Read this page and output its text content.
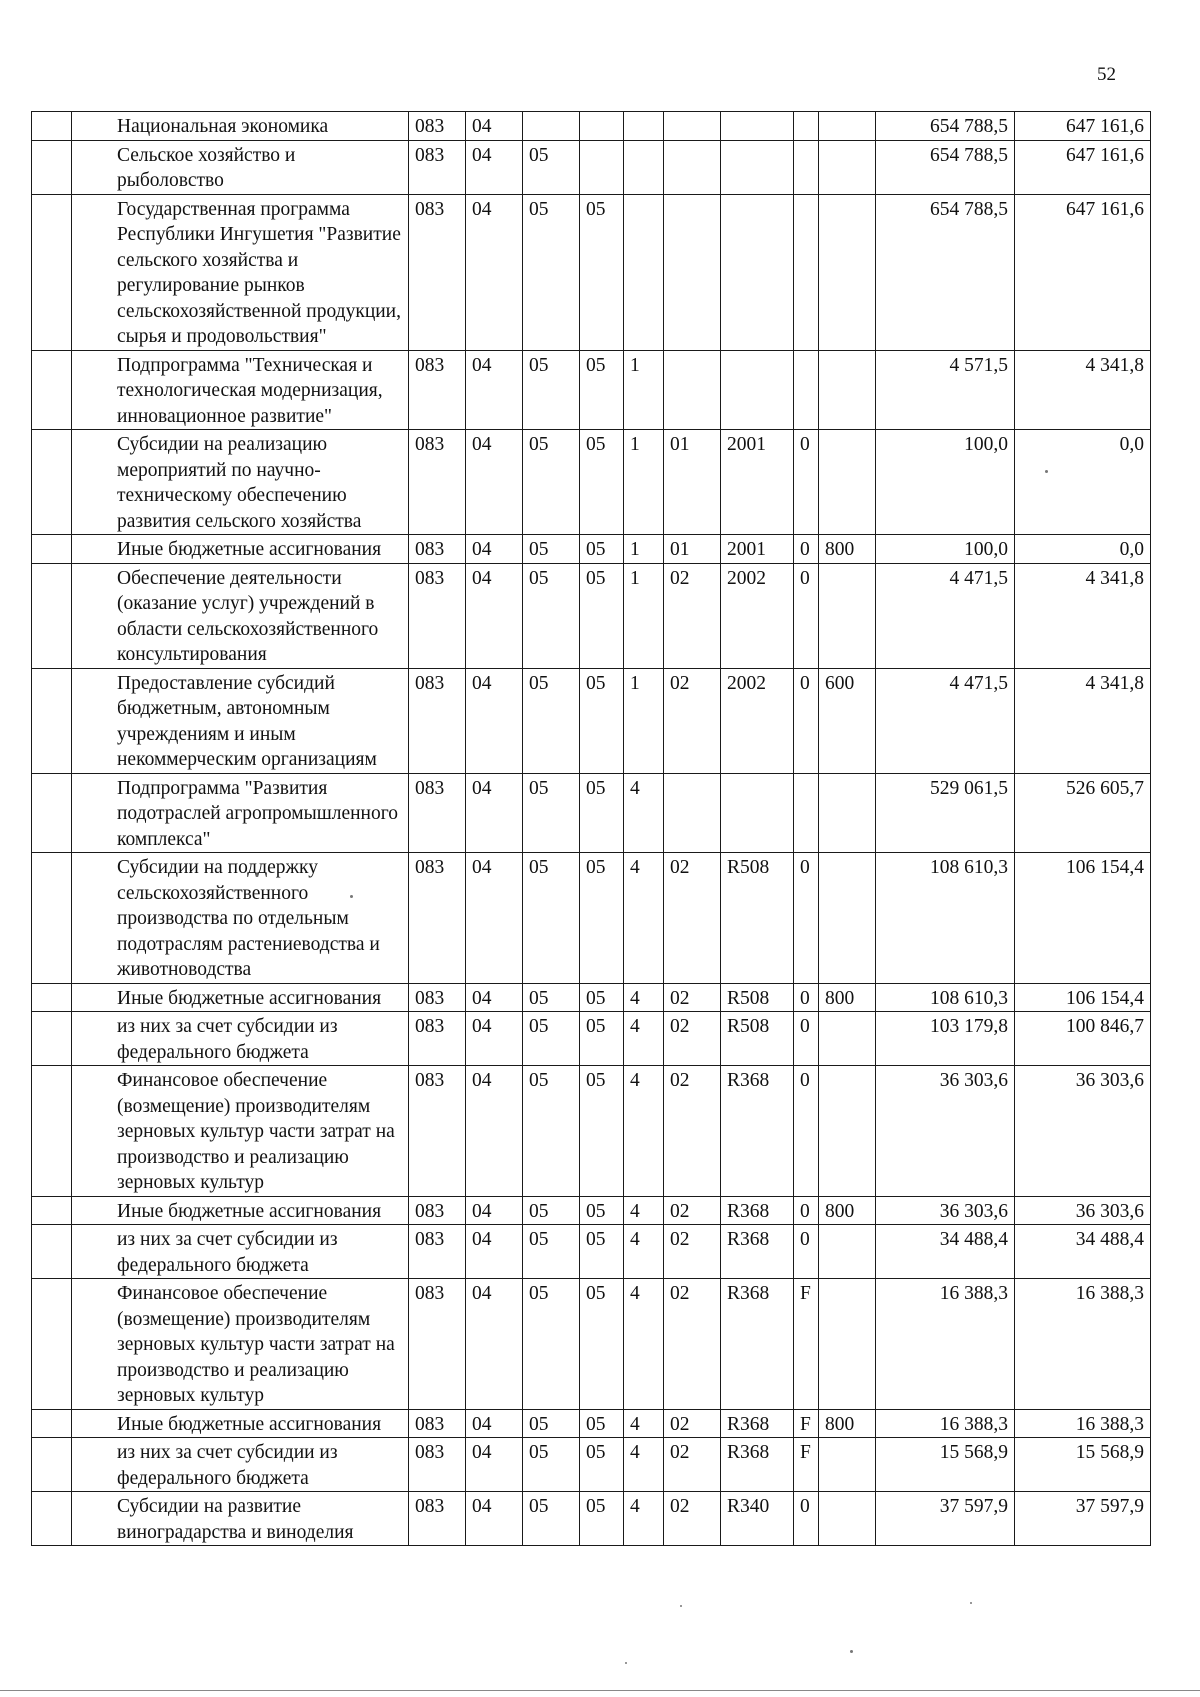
52
	Национальная экономика	083	04								654 788,5	647 161,6
	Сельское хозяйство и рыболовство	083	04	05							654 788,5	647 161,6
	Государственная программа Республики Ингушетия "Развитие сельского хозяйства и регулирование рынков сельскохозяйственной продукции, сырья и продовольствия"	083	04	05	05						654 788,5	647 161,6
	Подпрограмма "Техническая и технологическая модернизация, инновационное развитие"	083	04	05	05	1					4 571,5	4 341,8
	Субсидии на реализацию мероприятий по научно-техническому обеспечению развития сельского хозяйства	083	04	05	05	1	01	2001	0		100,0	0,0
	Иные бюджетные ассигнования	083	04	05	05	1	01	2001	0	800	100,0	0,0
	Обеспечение деятельности (оказание услуг) учреждений в области сельскохозяйственного консультирования	083	04	05	05	1	02	2002	0		4 471,5	4 341,8
	Предоставление субсидий бюджетным, автономным учреждениям и иным некоммерческим организациям	083	04	05	05	1	02	2002	0	600	4 471,5	4 341,8
	Подпрограмма "Развития подотраслей агропромышленного комплекса"	083	04	05	05	4					529 061,5	526 605,7
	Субсидии на поддержку сельскохозяйственного производства по отдельным подотраслям растениеводства и животноводства	083	04	05	05	4	02	R508	0		108 610,3	106 154,4
	Иные бюджетные ассигнования	083	04	05	05	4	02	R508	0	800	108 610,3	106 154,4
	из них за счет субсидии из федерального бюджета	083	04	05	05	4	02	R508	0		103 179,8	100 846,7
	Финансовое обеспечение (возмещение) производителям зерновых культур части затрат на производство и реализацию зерновых культур	083	04	05	05	4	02	R368	0		36 303,6	36 303,6
	Иные бюджетные ассигнования	083	04	05	05	4	02	R368	0	800	36 303,6	36 303,6
	из них за счет субсидии из федерального бюджета	083	04	05	05	4	02	R368	0		34 488,4	34 488,4
	Финансовое обеспечение (возмещение) производителям зерновых культур части затрат на производство и реализацию зерновых культур	083	04	05	05	4	02	R368	F		16 388,3	16 388,3
	Иные бюджетные ассигнования	083	04	05	05	4	02	R368	F	800	16 388,3	16 388,3
	из них за счет субсидии из федерального бюджета	083	04	05	05	4	02	R368	F		15 568,9	15 568,9
	Субсидии на развитие виноградарства и виноделия	083	04	05	05	4	02	R340	0		37 597,9	37 597,9
